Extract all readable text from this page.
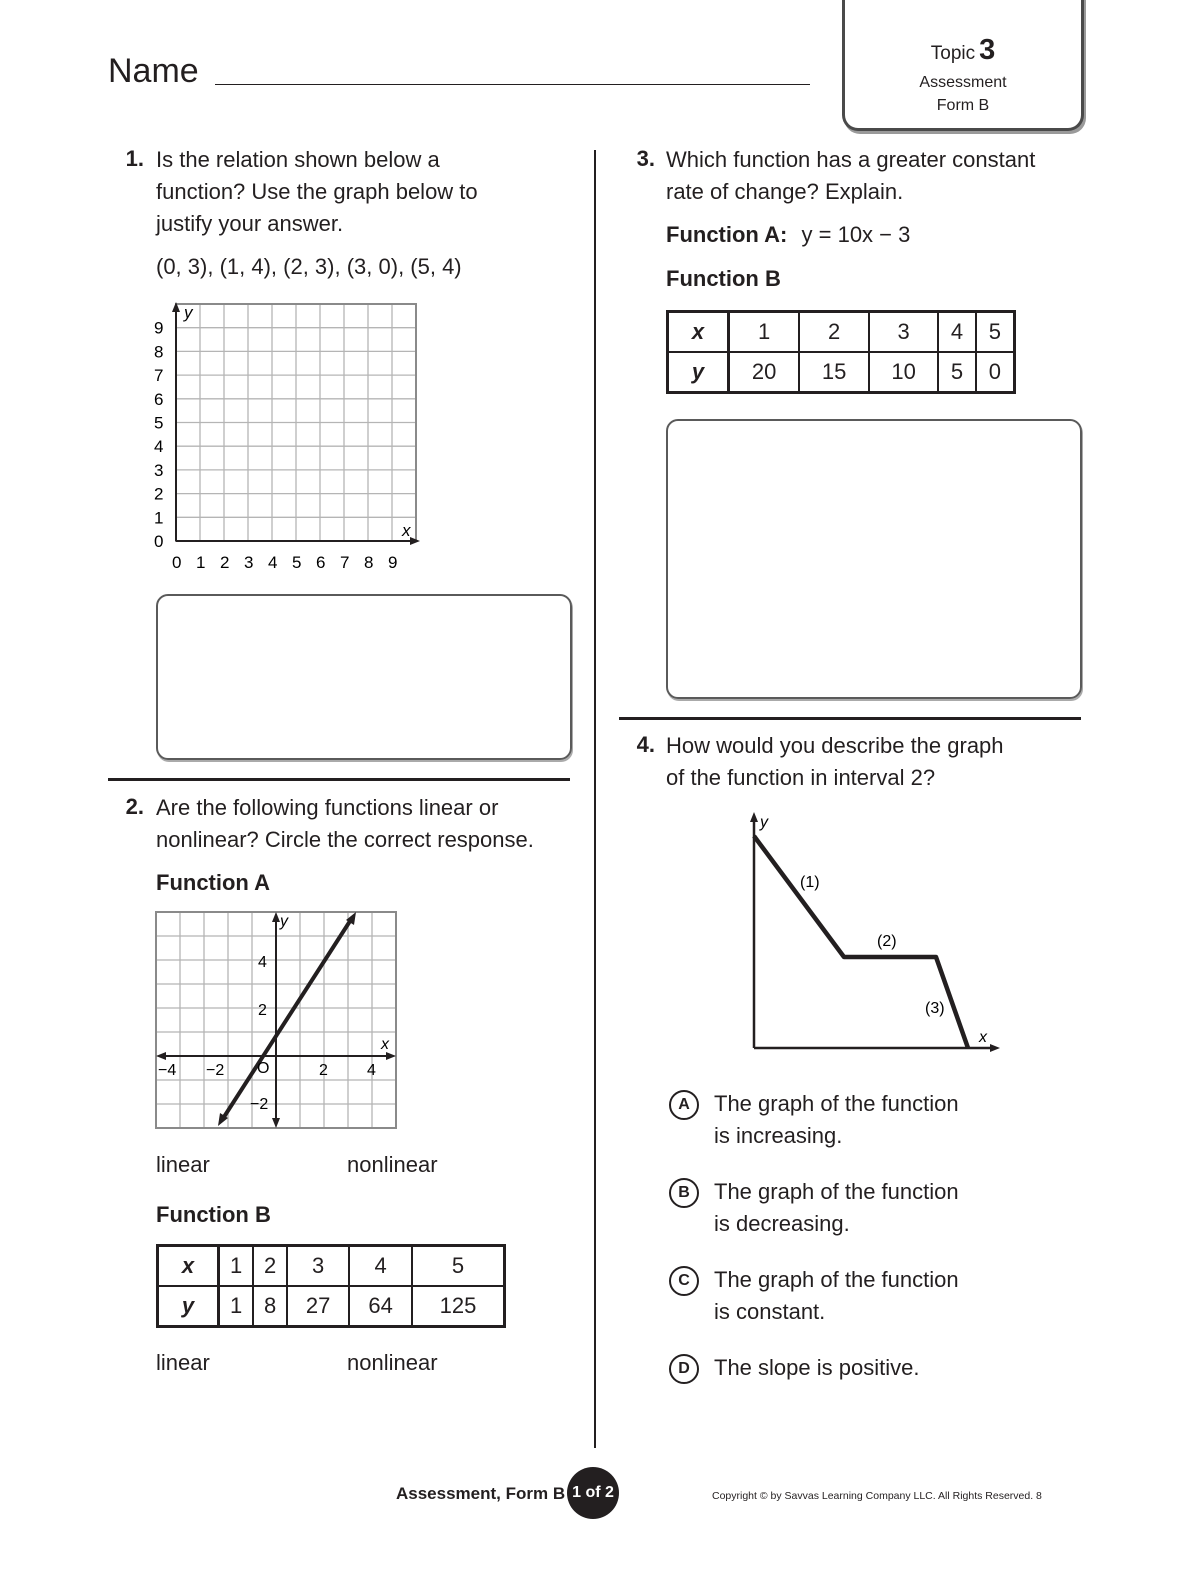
Name	Topic 3
Assessment
Form B
1. Is the relation shown below a
function? Use the graph below to
justify your answer.
(0, 3), (1, 4), (2, 3), (3, 0), (5, 4)
y
x
0
1
2
3
4
5
6
7
8
9
0 1 2 3 4 5 6 7 8 9
2. Are the following functions linear or
nonlinear? Circle the correct response.
Function A
y
x
O
−4 −2	2 4
4
2
−2
linear	nonlinear
Function B
x	1	2	3	4	5
y	1	8	27	64	125
linear	nonlinear
3. Which function has a greater constant
rate of change? Explain.
Function A: y = 10x − 3
Function B
x	1	2	3	4	5
y	20	15	10	5	0
4. How would you describe the graph
of the function in interval 2?
y
x
(1)
(2)
(3)
A	The graph of the function
is increasing.
B	The graph of the function
is decreasing.
C	The graph of the function
is constant.
D	The slope is positive.
Assessment, Form B 1 of 2	Copyright © by Savvas Learning Company LLC. All Rights Reserved. 8
